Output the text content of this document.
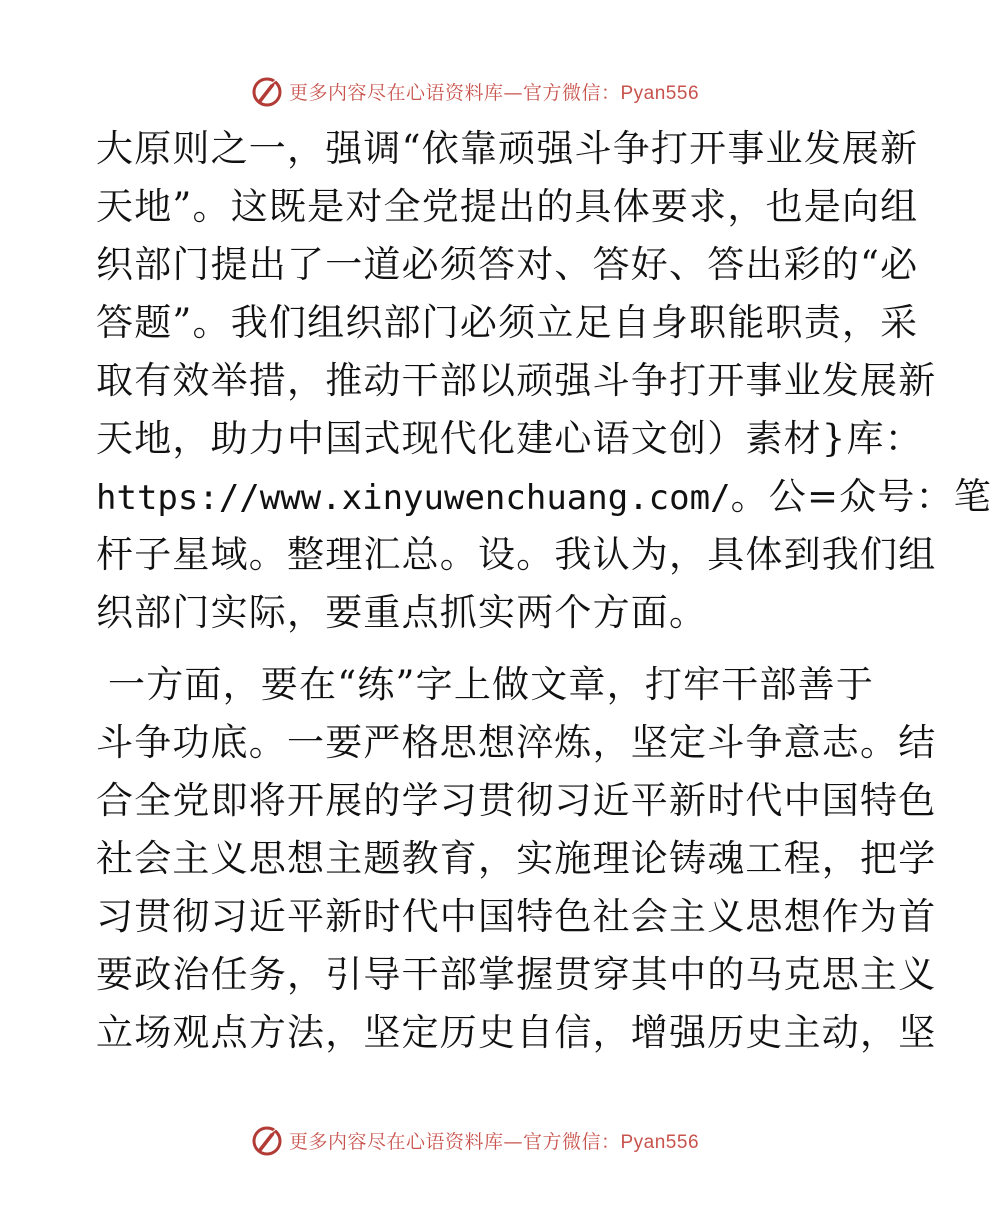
更多内容尽在心语资料库—官方微信：Pyan556
大原则之一，强调“依靠顽强斗争打开事业发展新
天地”。这既是对全党提出的具体要求，也是向组
织部门提出了一道必须答对、答好、答出彩的“必
答题”。我们组织部门必须立足自身职能职责，采
取有效举措，推动干部以顽强斗争打开事业发展新
天地，助力中国式现代化建心语文创）素材}库：
https://www.xinyuwenchuang.com/。公=众号：笔
杆子星域。整理汇总。设。我认为，具体到我们组
织部门实际，要重点抓实两个方面。
一方面，要在“练”字上做文章，打牢干部善于
斗争功底。一要严格思想淬炼，坚定斗争意志。结
合全党即将开展的学习贯彻习近平新时代中国特色
社会主义思想主题教育，实施理论铸魂工程，把学
习贯彻习近平新时代中国特色社会主义思想作为首
要政治任务，引导干部掌握贯穿其中的马克思主义
立场观点方法，坚定历史自信，增强历史主动，坚
更多内容尽在心语资料库—官方微信：Pyan556
